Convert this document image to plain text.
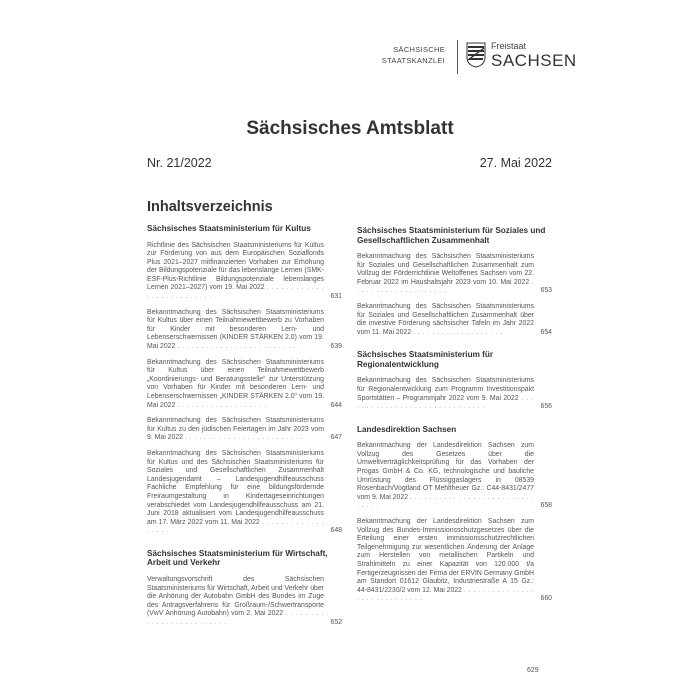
SÄCHSISCHE
STAATSKANZLEI
Freistaat
SACHSEN
Sächsisches Amtsblatt
Nr. 21/2022	27. Mai 2022
Inhaltsverzeichnis
Sächsisches Staatsministerium für Kultus
Richtlinie des Sächsischen Staatsministeriums für Kultus zur Förderung von aus dem Europäischen Sozialfonds Plus 2021–2027 mitfinanzierten Vorhaben zur Erhöhung der Bildungspotenziale für das lebenslange Lernen (SMK-ESF-Plus-Richtlinie Bildungspotenziale lebenslanges Lernen 2021–2027) vom 19. Mai 2022 . . . . . . . . . . . . . . . . . . . . . . . . . .	631
Bekanntmachung des Sächsischen Staatsministeriums für Kultus über einen Teilnahmewettbewerb zu Vorhaben für Kinder mit besonderen Lern- und Lebenserschwernissen (KINDER STÄRKEN 2.0) vom 19. Mai 2022 . . . . . . . . . . . . . . . . . . . . . . . . . .	639
Bekanntmachung des Sächsischen Staatsministeriums für Kultus über einen Teilnahmewettbewerb „Koordinierungs- und Beratungsstelle“ zur Unterstützung von Vorhaben für Kinder mit besonderen Lern- und Lebenserschwernissen „KINDER STÄRKEN 2.0“ vom 19. Mai 2022 . . . . . . . . . . . . . . . . . . .	644
Bekanntmachung des Sächsischen Staatsministeriums für Kultus zu den jüdischen Feiertagen im Jahr 2023 vom 9. Mai 2022 . . . . . . . . . . . . . . . . . . . . . . . . .	647
Bekanntmachung des Sächsischen Staatsministeriums für Kultus und des Sächsischen Staatsministeriums für Soziales und Gesellschaftlichen Zusammenhalt Landesjugendamt – Landesjugendhilfeausschuss Fachliche Empfehlung für eine bildungsfördernde Freiraumgestaltung in Kindertageseinrichtungen verabschiedet vom Landesjugendhilfeausschuss am 21. Juni 2018 aktualisiert vom Landesjugendhilfeausschuss am 17. März 2022 vom 11. Mai 2022 . . . . . . . . . . . . . . . . . .	648
Sächsisches Staatsministerium für Wirtschaft, Arbeit und Verkehr
Verwaltungsvorschrift des Sächsischen Staatsministeriums für Wirtschaft, Arbeit und Verkehr über die Anhörung der Autobahn GmbH des Bundes im Zuge des Antragsverfahrens für Großraum-/Schwertransporte (VwV Anhörung Autobahn) vom 2. Mai 2022 . . . . . . . . . . . . . . . . . . . . . . . . .	652
Sächsisches Staatsministerium für Soziales und Gesellschaftlichen Zusammenhalt
Bekanntmachung des Sächsischen Staatsministeriums für Soziales und Gesellschaftlichen Zusammenhalt zum Vollzug der Förderrichtlinie Weltoffenes Sachsen vom 22. Februar 2022 im Haushaltsjahr 2023 vom 10. Mai 2022 . . . . . . . . . . . . . . . . . . . .	653
Bekanntmachung des Sächsischen Staatsministeriums für Soziales und Gesellschaftlichen Zusammenhalt über die investive Förderung sächsischer Tafeln im Jahr 2022 vom 11. Mai 2022 . . . . . . . . . . . . . . . . . . .	654
Sächsisches Staatsministerium für Regionalentwicklung
Bekanntmachung des Sächsischen Staatsministeriums für Regionalentwicklung zum Programm Investitionspakt Sportstätten – Programmjahr 2022 vom 9. Mai 2022 . . . . . . . . . . . . . . . . . . . . . . . . . . . . . .	656
Landesdirektion Sachsen
Bekanntmachung der Landesdirektion Sachsen zum Vollzug des Gesetzes über die Umweltverträglichkeitsprüfung für das Vorhaben der Progas GmbH & Co. KG, technologische und bauliche Umrüstung des Flüssiggaslagers in 08539 Rosenbach/Vogtland OT Mehltheuer Gz.: C44-8431/2477 vom 9. Mai 2022 . . . . . . . . . . . . . . . . . . . . . . . . . . . . . . .	658
Bekanntmachung der Landesdirektion Sachsen zum Vollzug des Bundes-Immissionsschutzgesetzes über die Erteilung einer ersten immissionsschutzrechtlichen Teilgenehmigung zur wesentlichen Änderung der Anlage zum Herstellen von metallischen Partikeln und Strahlmitteln zu einer Kapazität von 120.000 t/a Fertigerzeugnissen der Firma der ERVIN Germany GmbH am Standort 01612 Glaubitz, Industriestraße A 15 Gz.: 44-8431/2230/2 vom 12. Mai 2022 . . . . . . . . . . . . . . . . . . . . . . . . . . . . .	660
629
